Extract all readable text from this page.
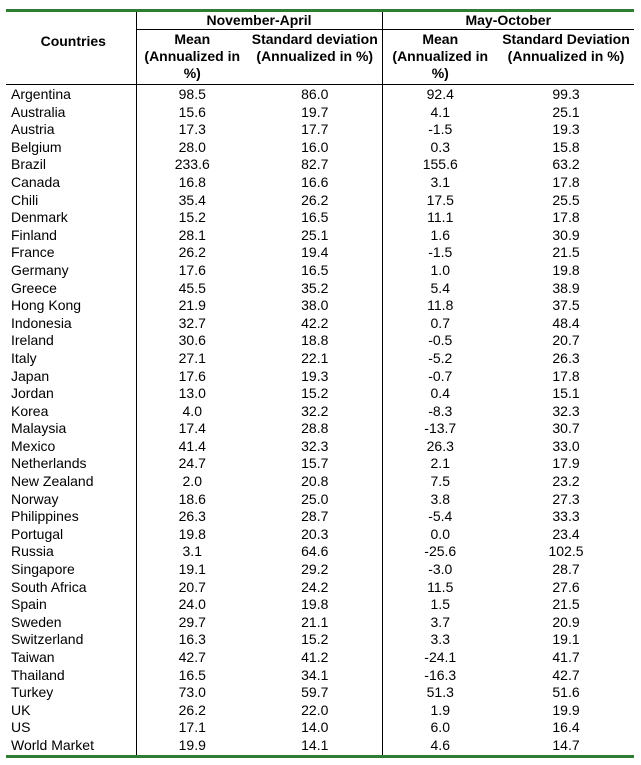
Countries	November-April		May-October	
	Mean (Annualized in %)	Standard deviation (Annualized in %)	Mean (Annualized in %)	Standard Deviation (Annualized in %)
Argentina	98.5	86.0	92.4	99.3
Australia	15.6	19.7	4.1	25.1
Austria	17.3	17.7	-1.5	19.3
Belgium	28.0	16.0	0.3	15.8
Brazil	233.6	82.7	155.6	63.2
Canada	16.8	16.6	3.1	17.8
Chili	35.4	26.2	17.5	25.5
Denmark	15.2	16.5	11.1	17.8
Finland	28.1	25.1	1.6	30.9
France	26.2	19.4	-1.5	21.5
Germany	17.6	16.5	1.0	19.8
Greece	45.5	35.2	5.4	38.9
Hong Kong	21.9	38.0	11.8	37.5
Indonesia	32.7	42.2	0.7	48.4
Ireland	30.6	18.8	-0.5	20.7
Italy	27.1	22.1	-5.2	26.3
Japan	17.6	19.3	-0.7	17.8
Jordan	13.0	15.2	0.4	15.1
Korea	4.0	32.2	-8.3	32.3
Malaysia	17.4	28.8	-13.7	30.7
Mexico	41.4	32.3	26.3	33.0
Netherlands	24.7	15.7	2.1	17.9
New Zealand	2.0	20.8	7.5	23.2
Norway	18.6	25.0	3.8	27.3
Philippines	26.3	28.7	-5.4	33.3
Portugal	19.8	20.3	0.0	23.4
Russia	3.1	64.6	-25.6	102.5
Singapore	19.1	29.2	-3.0	28.7
South Africa	20.7	24.2	11.5	27.6
Spain	24.0	19.8	1.5	21.5
Sweden	29.7	21.1	3.7	20.9
Switzerland	16.3	15.2	3.3	19.1
Taiwan	42.7	41.2	-24.1	41.7
Thailand	16.5	34.1	-16.3	42.7
Turkey	73.0	59.7	51.3	51.6
UK	26.2	22.0	1.9	19.9
US	17.1	14.0	6.0	16.4
World Market	19.9	14.1	4.6	14.7
